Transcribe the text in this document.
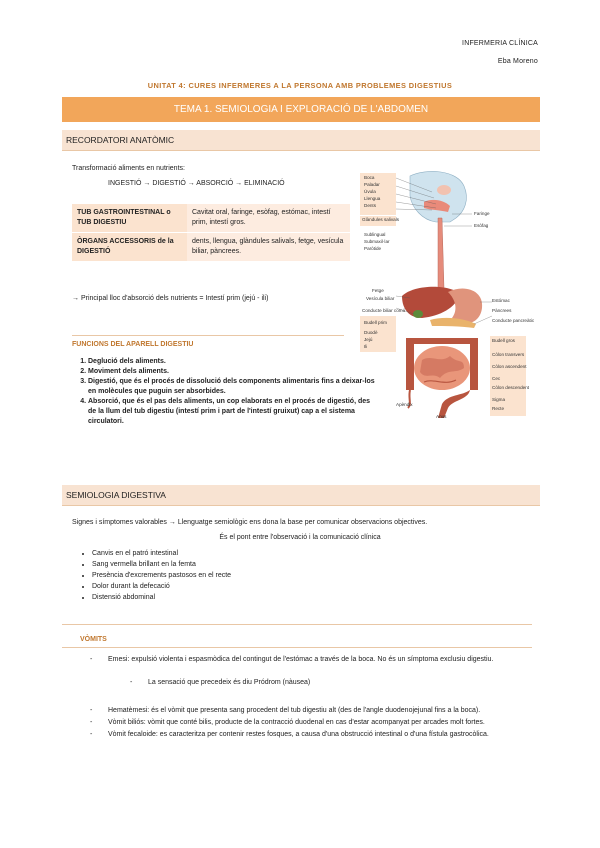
INFERMERIA CLÍNICA
Eba Moreno
UNITAT 4: CURES INFERMERES A LA PERSONA AMB PROBLEMES DIGESTIUS
TEMA 1. SEMIOLOGIA I EXPLORACIÓ DE L'ABDOMEN
RECORDATORI ANATÒMIC
Transformació aliments en nutrients:
INGESTIÓ → DIGESTIÓ → ABSORCIÓ → ELIMINACIÓ
TUB GASTROINTESTINAL o TUB DIGESTIU	Cavitat oral, faringe, esòfag, estómac, intestí prim, intestí gros.
ÒRGANS ACCESSORIS de la DIGESTIÓ	dents, llengua, glàndules salivals, fetge, vesícula biliar, pàncrees.
→ Principal lloc d'absorció dels nutrients = Intestí prim (jejú - ili)
Boca
Paladar
Úvula
Llengua
Dents
Glàndules salivals
Sublingual
Submaxil·lar
Paròtide
Faringe
Esòfag
Fetge
Vesícula biliar
Conducte biliar comú
Budell prim
Duodè
Jejú
Ili
Apèndix
Anus
Estómac
Pàncrees
Conducte pancreàtic
Budell gros
Còlon transvers
Còlon ascendent
Cec
Còlon descendent
Sigma
Recte
FUNCIONS DEL APARELL DIGESTIU
1. Deglució dels aliments.
2. Moviment dels aliments.
3. Digestió, que és el procés de dissolució dels components alimentaris fins a deixar-los en molècules que puguin ser absorbides.
4. Absorció, que és el pas dels aliments, un cop elaborats en el procés de digestió, des de la llum del tub digestiu (intestí prim i part de l'intestí gruixut) cap a el sistema circulatori.
SEMIOLOGIA DIGESTIVA
Signes i símptomes valorables → Llenguatge semiològic ens dona la base per comunicar observacions objectives.
És el pont entre l'observació i la comunicació clínica
• Canvis en el patró intestinal
• Sang vermella brillant en la femta
• Presència d'excrements pastosos en el recte
• Dolor durant la defecació
• Distensió abdominal
VÒMITS
- Emesi: expulsió violenta i espasmòdica del contingut de l'estómac a través de la boca. No és un símptoma exclusiu digestiu.
- La sensació que precedeix és diu Pródrom (nàusea)
- Hematèmesi: és el vòmit que presenta sang procedent del tub digestiu alt (des de l'angle duodenojejunal fins a la boca).
- Vòmit biliós: vòmit que conté bilis, producte de la contracció duodenal en cas d'estar acompanyat per arcades molt fortes.
- Vòmit fecaloide: es caracteritza per contenir restes fosques, a causa d'una obstrucció intestinal o d'una fístula gastrocòlica.
